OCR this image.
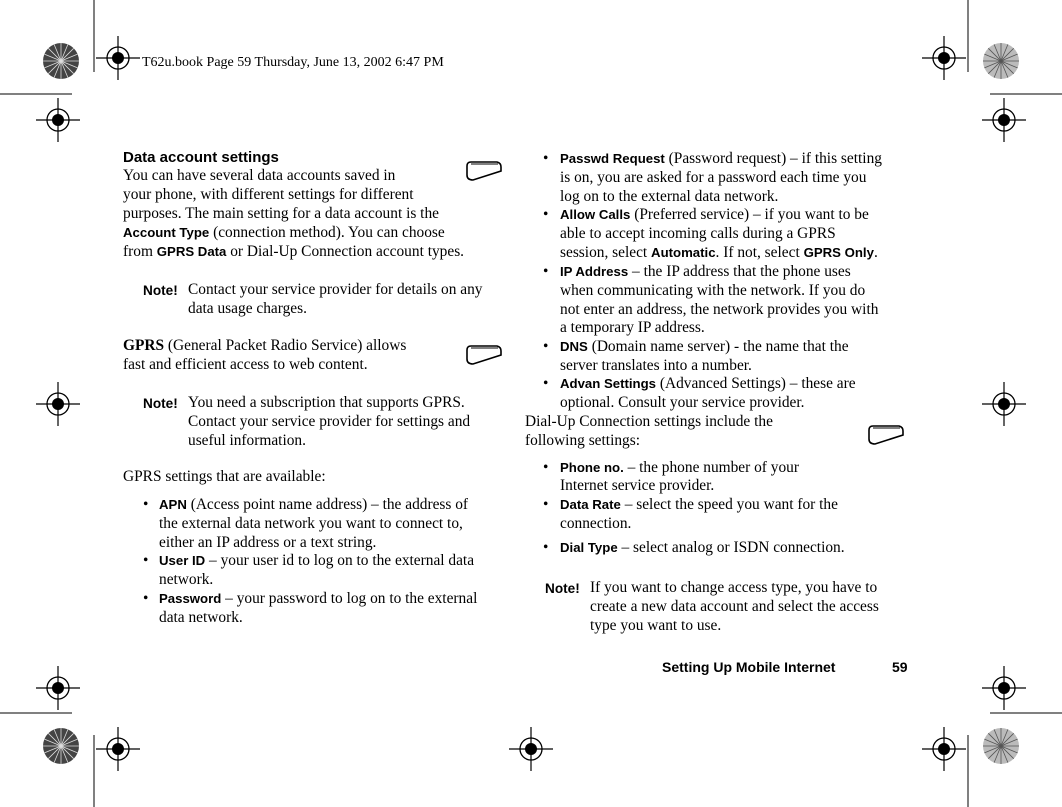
T62u.book Page 59 Thursday, June 13, 2002 6:47 PM
Data account settings
You can have several data accounts saved in
your phone, with different settings for different
purposes. The main setting for a data account is the
Account Type (connection method). You can choose
from GPRS Data or Dial-Up Connection account types.
Note! Contact your service provider for details on any
data usage charges.
GPRS (General Packet Radio Service) allows
fast and efficient access to web content.
Note! You need a subscription that supports GPRS.
Contact your service provider for settings and
useful information.
GPRS settings that are available:
• APN (Access point name address) – the address of
the external data network you want to connect to,
either an IP address or a text string.
• User ID – your user id to log on to the external data
network.
• Password – your password to log on to the external
data network.
• Passwd Request (Password request) – if this setting
is on, you are asked for a password each time you
log on to the external data network.
• Allow Calls (Preferred service) – if you want to be
able to accept incoming calls during a GPRS
session, select Automatic. If not, select GPRS Only.
• IP Address – the IP address that the phone uses
when communicating with the network. If you do
not enter an address, the network provides you with
a temporary IP address.
• DNS (Domain name server) - the name that the
server translates into a number.
• Advan Settings (Advanced Settings) – these are
optional. Consult your service provider.
Dial-Up Connection settings include the
following settings:
• Phone no. – the phone number of your
Internet service provider.
• Data Rate – select the speed you want for the
connection.
• Dial Type – select analog or ISDN connection.
Note! If you want to change access type, you have to
create a new data account and select the access
type you want to use.
Setting Up Mobile Internet	59
